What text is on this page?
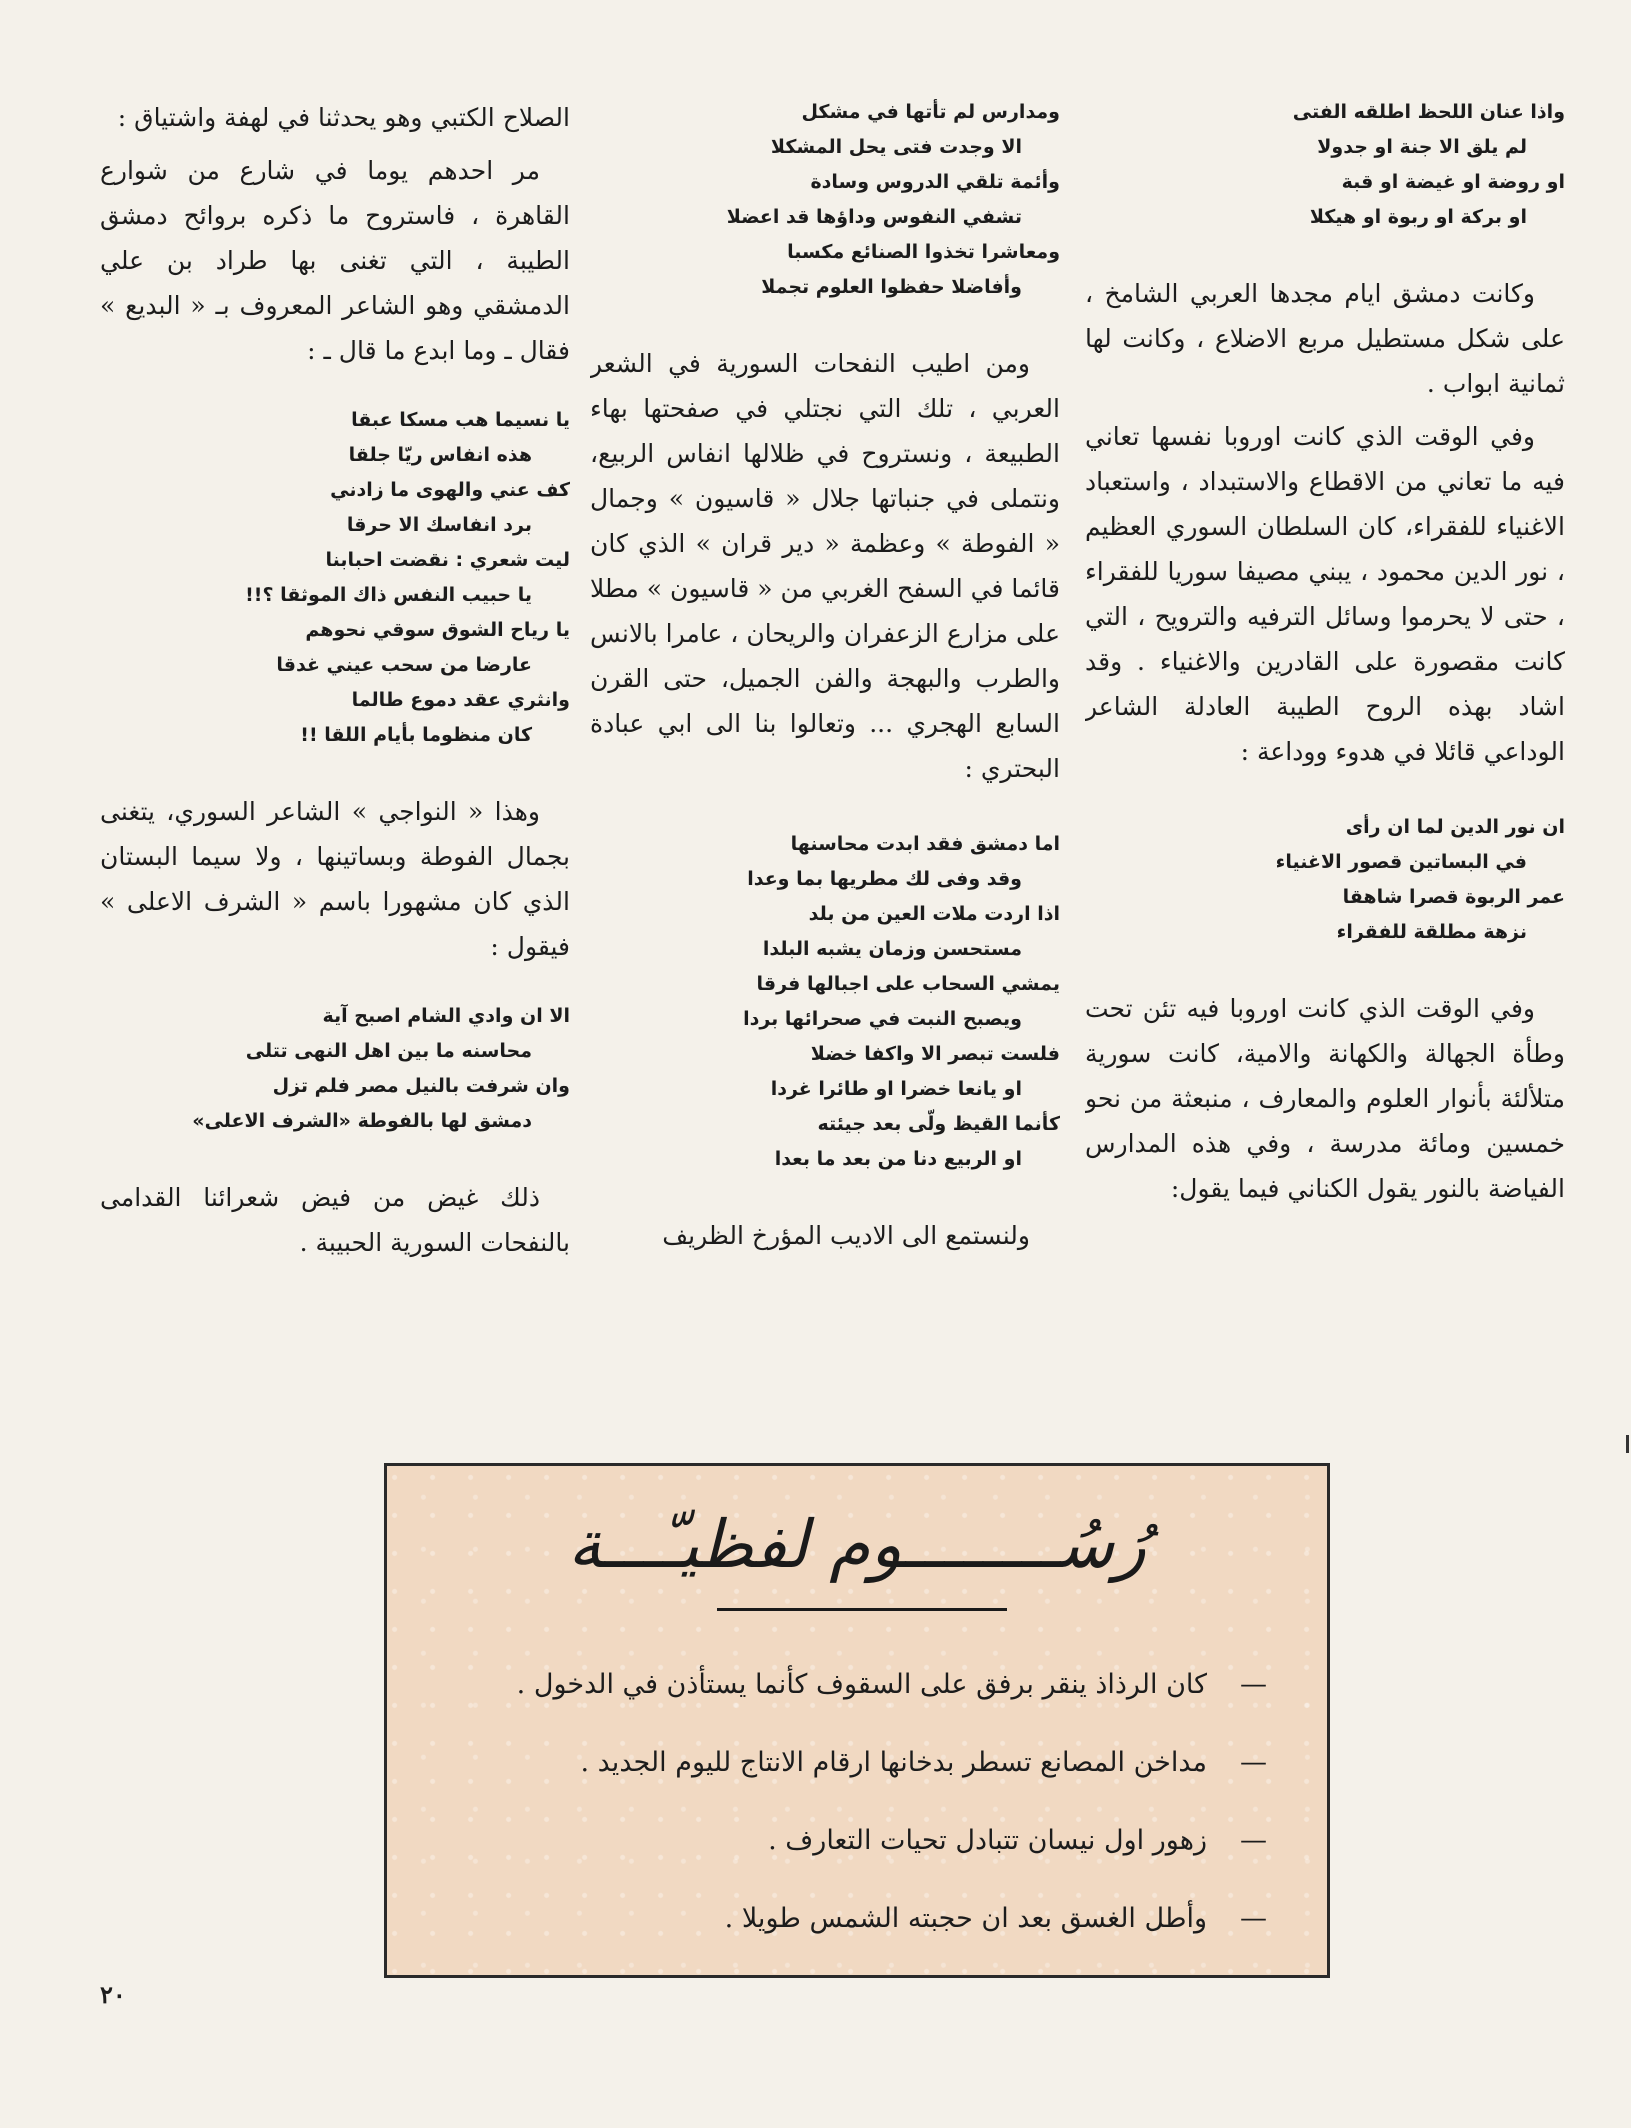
واذا عنان اللحظ اطلقه الفتى
لم يلق الا جنة او جدولا
او روضة او غيضة او قبة
او بركة او ربوة او هيكلا

وكانت دمشق ايام مجدها العربي الشامخ ، على شكل مستطيل مربع الاضلاع ، وكانت لها ثمانية ابواب .

وفي الوقت الذي كانت اوروبا نفسها تعاني فيه ما تعاني من الاقطاع والاستبداد ، واستعباد الاغنياء للفقراء، كان السلطان السوري العظيم ، نور الدين محمود ، يبني مصيفا سوريا للفقراء ، حتى لا يحرموا وسائل الترفيه والترويح ، التي كانت مقصورة على القادرين والاغنياء . وقد اشاد بهذه الروح الطيبة العادلة الشاعر الوداعي قائلا في هدوء ووداعة :

ان نور الدين لما ان رأى
في البساتين قصور الاغنياء
عمر الربوة قصرا شاهقا
نزهة مطلقة للفقراء

وفي الوقت الذي كانت اوروبا فيه تئن تحت وطأة الجهالة والكهانة والامية، كانت سورية متلألئة بأنوار العلوم والمعارف ، منبعثة من نحو خمسين ومائة مدرسة ، وفي هذه المدارس الفياضة بالنور يقول الكناني فيما يقول:

ومدارس لم تأتها في مشكل
الا وجدت فتى يحل المشكلا
وأئمة تلقي الدروس وسادة
تشفي النفوس وداؤها قد اعضلا
ومعاشرا تخذوا الصنائع مكسبا
وأفاضلا حفظوا العلوم تجملا

ومن اطيب النفحات السورية في الشعر العربي ، تلك التي نجتلي في صفحتها بهاء الطبيعة ، ونستروح في ظلالها انفاس الربيع، ونتملى في جنباتها جلال « قاسيون » وجمال « الفوطة » وعظمة « دير قران » الذي كان قائما في السفح الغربي من « قاسيون » مطلا على مزارع الزعفران والريحان ، عامرا بالانس والطرب والبهجة والفن الجميل، حتى القرن السابع الهجري ... وتعالوا بنا الى ابي عبادة البحتري :

اما دمشق فقد ابدت محاسنها
وقد وفى لك مطريها بما وعدا
اذا اردت ملات العين من بلد
مستحسن وزمان يشبه البلدا
يمشي السحاب على اجبالها فرقا
ويصبح النبت في صحرائها بردا
فلست تبصر الا واكفا خضلا
او يانعا خضرا او طائرا غردا
كأنما القيظ ولّى بعد جيئته
او الربيع دنا من بعد ما بعدا

ولنستمع الى الاديب المؤرخ الظريف

الصلاح الكتبي وهو يحدثنا في لهفة واشتياق :

مر احدهم يوما في شارع من شوارع القاهرة ، فاستروح ما ذكره بروائح دمشق الطيبة ، التي تغنى بها طراد بن علي الدمشقي وهو الشاعر المعروف بـ « البديع » فقال ـ وما ابدع ما قال ـ :

يا نسيما هب مسكا عبقا
هذه انفاس ريّا جلقا
كف عني والهوى ما زادني
برد انفاسك الا حرقا
ليت شعري : نقضت احبابنا
يا حبيب النفس ذاك الموثقا ؟!!
يا رياح الشوق سوقي نحوهم
عارضا من سحب عيني غدقا
وانثري عقد دموع طالما
كان منظوما بأيام اللقا !!

وهذا « النواجي » الشاعر السوري، يتغنى بجمال الفوطة وبساتينها ، ولا سيما البستان الذي كان مشهورا باسم « الشرف الاعلى » فيقول :

الا ان وادي الشام اصبح آية
محاسنه ما بين اهل النهى تتلى
وان شرفت بالنيل مصر فلم تزل
دمشق لها بالفوطة «الشرف الاعلى»

ذلك غيض من فيض شعرائنا القدامى بالنفحات السورية الحبيبة .

رُسُــــــــوم لفظيـّـــة
—كان الرذاذ ينقر برفق على السقوف كأنما يستأذن في الدخول .
—مداخن المصانع تسطر بدخانها ارقام الانتاج لليوم الجديد .
—زهور اول نيسان تتبادل تحيات التعارف .
—وأطل الغسق بعد ان حجبته الشمس طويلا .
٢٠
